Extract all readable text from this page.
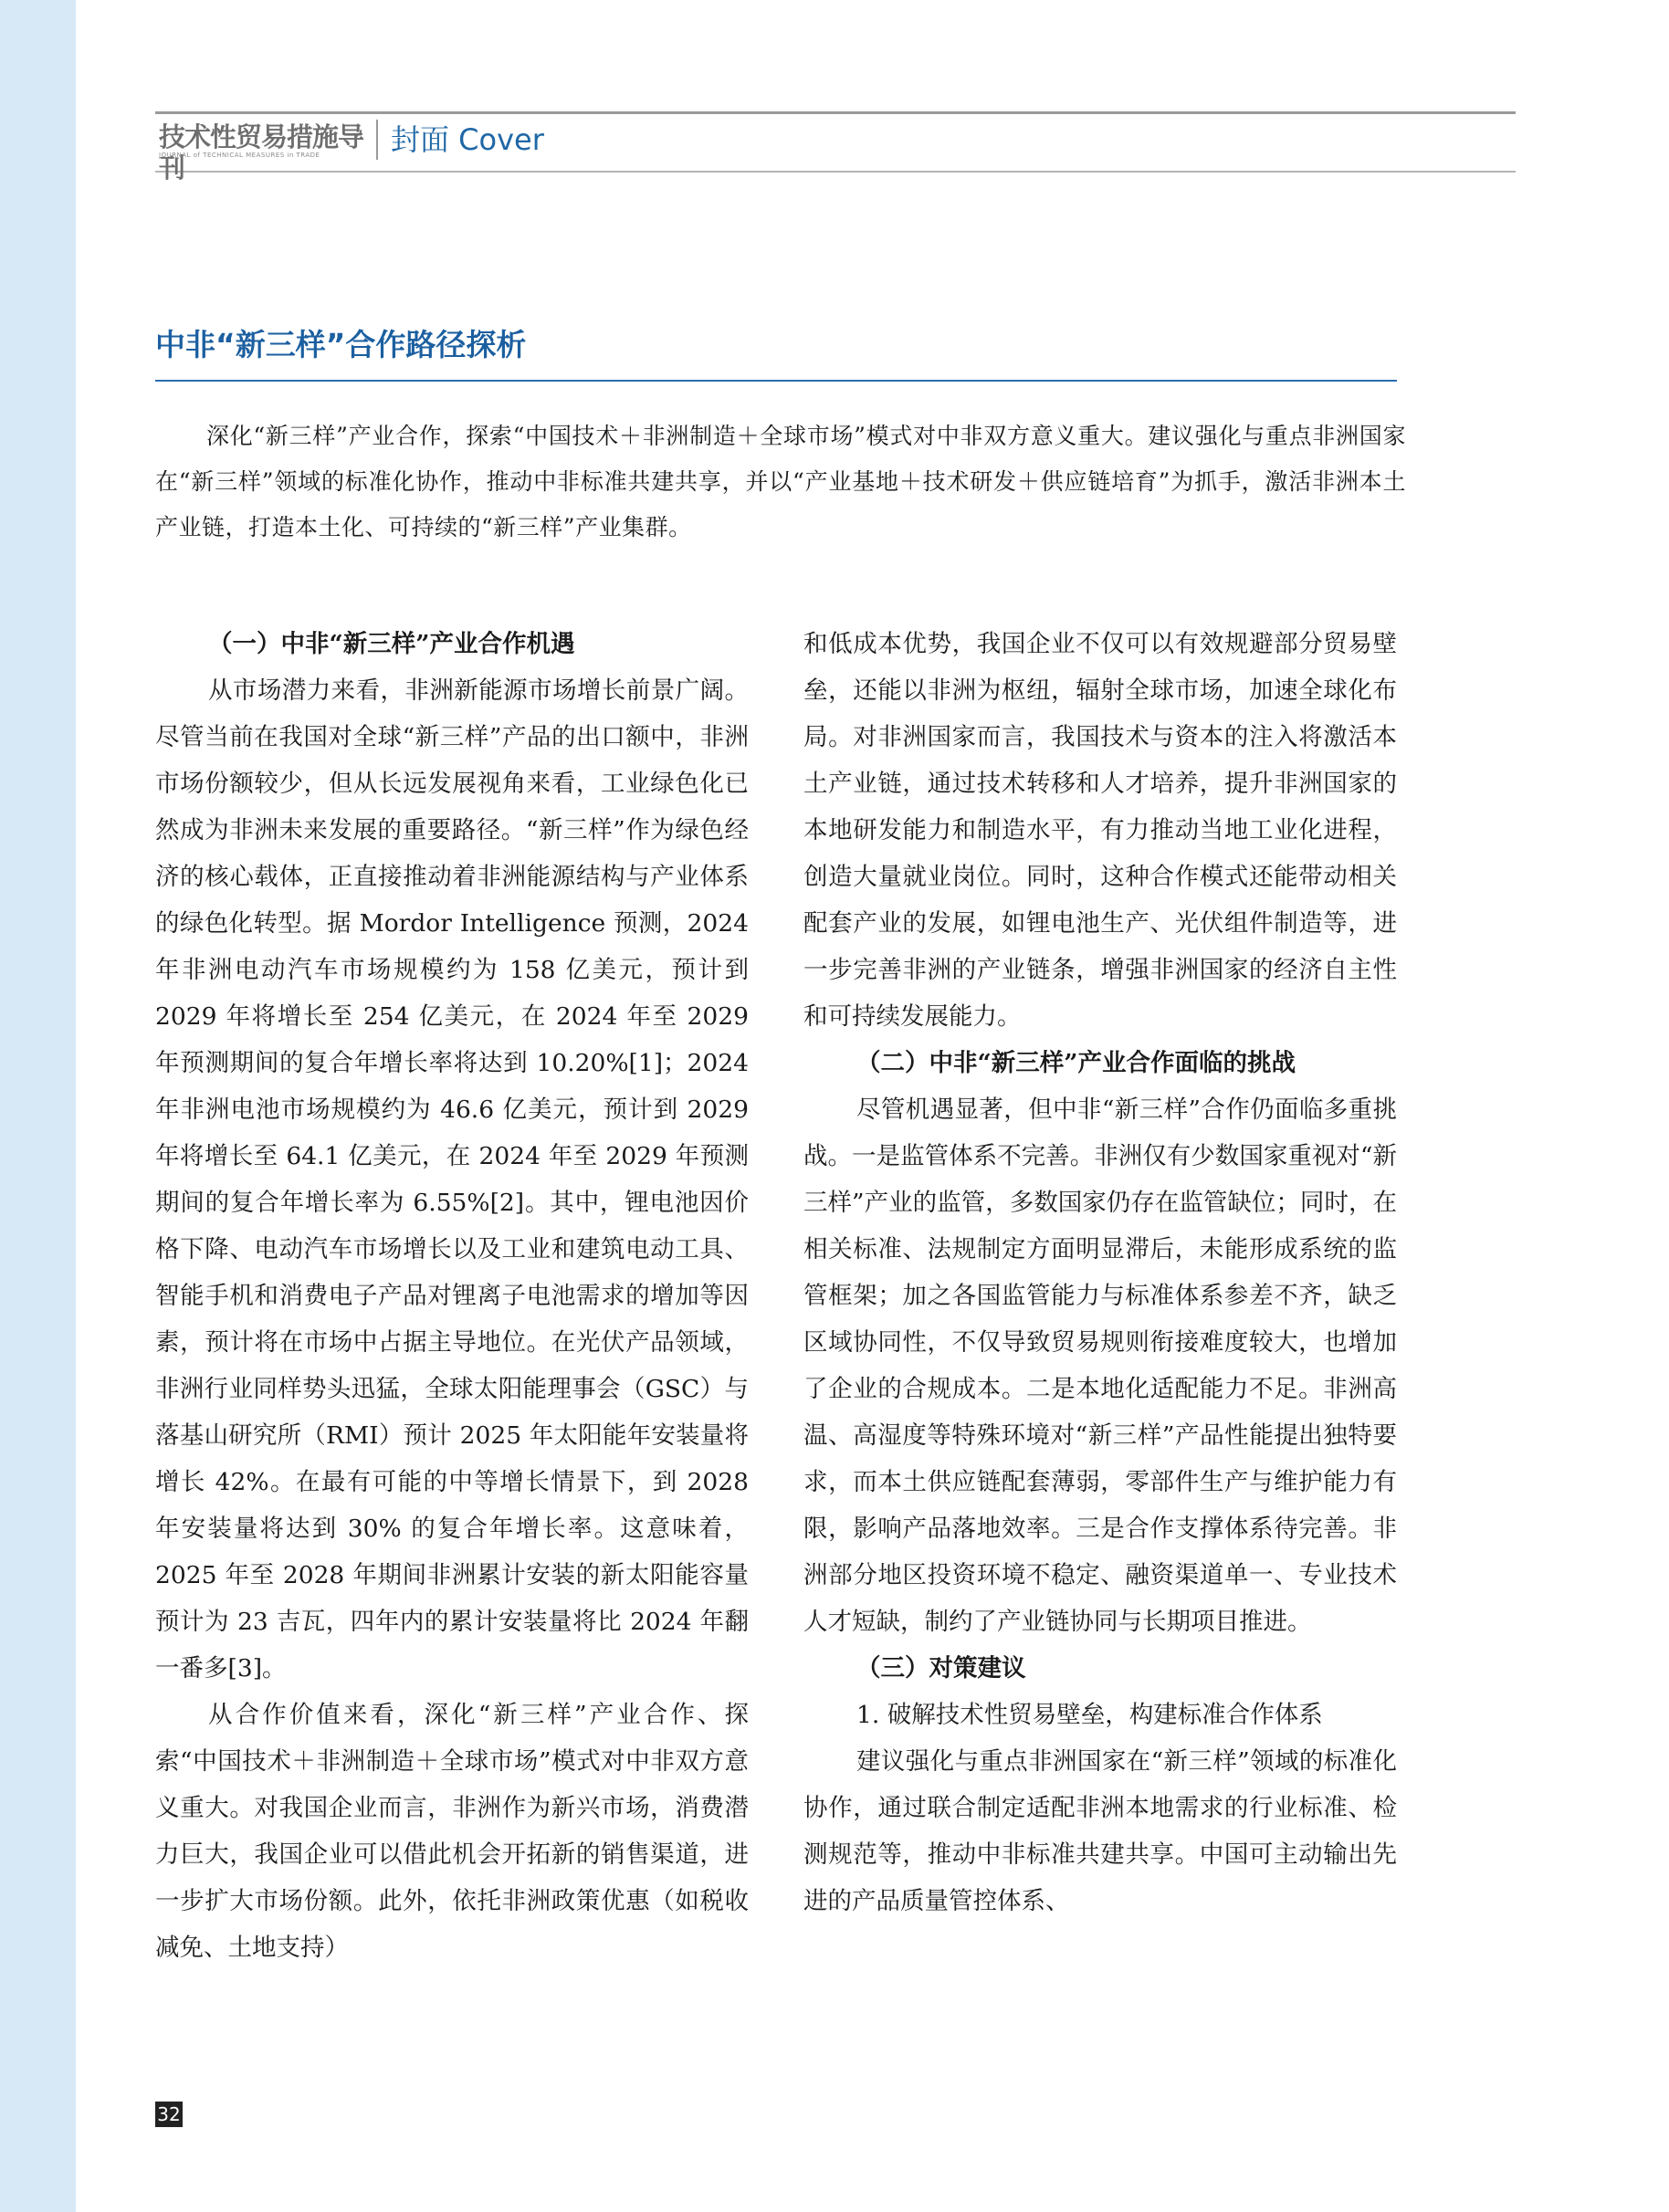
技术性贸易措施导刊
JOURNAL of TECHNICAL MEASURES in TRADE 封面 Cover
中非“新三样”合作路径探析
深化“新三样”产业合作，探索“中国技术＋非洲制造＋全球市场”模式对中非双方意义重大。建议强化与重点非洲国家在“新三样”领域的标准化协作，推动中非标准共建共享，并以“产业基地＋技术研发＋供应链培育”为抓手，激活非洲本土产业链，打造本土化、可持续的“新三样”产业集群。

（一）中非“新三样”产业合作机遇

从市场潜力来看，非洲新能源市场增长前景广阔。尽管当前在我国对全球“新三样”产品的出口额中，非洲市场份额较少，但从长远发展视角来看，工业绿色化已然成为非洲未来发展的重要路径。“新三样”作为绿色经济的核心载体，正直接推动着非洲能源结构与产业体系的绿色化转型。据 Mordor Intelligence 预测，2024 年非洲电动汽车市场规模约为 158 亿美元，预计到 2029 年将增长至 254 亿美元，在 2024 年至 2029 年预测期间的复合年增长率将达到 10.20%[1]；2024 年非洲电池市场规模约为 46.6 亿美元，预计到 2029 年将增长至 64.1 亿美元，在 2024 年至 2029 年预测期间的复合年增长率为 6.55%[2]。其中，锂电池因价格下降、电动汽车市场增长以及工业和建筑电动工具、智能手机和消费电子产品对锂离子电池需求的增加等因素，预计将在市场中占据主导地位。在光伏产品领域，非洲行业同样势头迅猛，全球太阳能理事会（GSC）与落基山研究所（RMI）预计 2025 年太阳能年安装量将增长 42%。在最有可能的中等增长情景下，到 2028 年安装量将达到 30% 的复合年增长率。这意味着，2025 年至 2028 年期间非洲累计安装的新太阳能容量预计为 23 吉瓦，四年内的累计安装量将比 2024 年翻一番多[3]。

从合作价值来看，深化“新三样”产业合作、探索“中国技术＋非洲制造＋全球市场”模式对中非双方意义重大。对我国企业而言，非洲作为新兴市场，消费潜力巨大，我国企业可以借此机会开拓新的销售渠道，进一步扩大市场份额。此外，依托非洲政策优惠（如税收减免、土地支持）

和低成本优势，我国企业不仅可以有效规避部分贸易壁垒，还能以非洲为枢纽，辐射全球市场，加速全球化布局。对非洲国家而言，我国技术与资本的注入将激活本土产业链，通过技术转移和人才培养，提升非洲国家的本地研发能力和制造水平，有力推动当地工业化进程，创造大量就业岗位。同时，这种合作模式还能带动相关配套产业的发展，如锂电池生产、光伏组件制造等，进一步完善非洲的产业链条，增强非洲国家的经济自主性和可持续发展能力。

（二）中非“新三样”产业合作面临的挑战

尽管机遇显著，但中非“新三样”合作仍面临多重挑战。一是监管体系不完善。非洲仅有少数国家重视对“新三样”产业的监管，多数国家仍存在监管缺位；同时，在相关标准、法规制定方面明显滞后，未能形成系统的监管框架；加之各国监管能力与标准体系参差不齐，缺乏区域协同性，不仅导致贸易规则衔接难度较大，也增加了企业的合规成本。二是本地化适配能力不足。非洲高温、高湿度等特殊环境对“新三样”产品性能提出独特要求，而本土供应链配套薄弱，零部件生产与维护能力有限，影响产品落地效率。三是合作支撑体系待完善。非洲部分地区投资环境不稳定、融资渠道单一、专业技术人才短缺，制约了产业链协同与长期项目推进。

（三）对策建议

1. 破解技术性贸易壁垒，构建标准合作体系

建议强化与重点非洲国家在“新三样”领域的标准化协作，通过联合制定适配非洲本地需求的行业标准、检测规范等，推动中非标准共建共享。中国可主动输出先进的产品质量管控体系、

32
